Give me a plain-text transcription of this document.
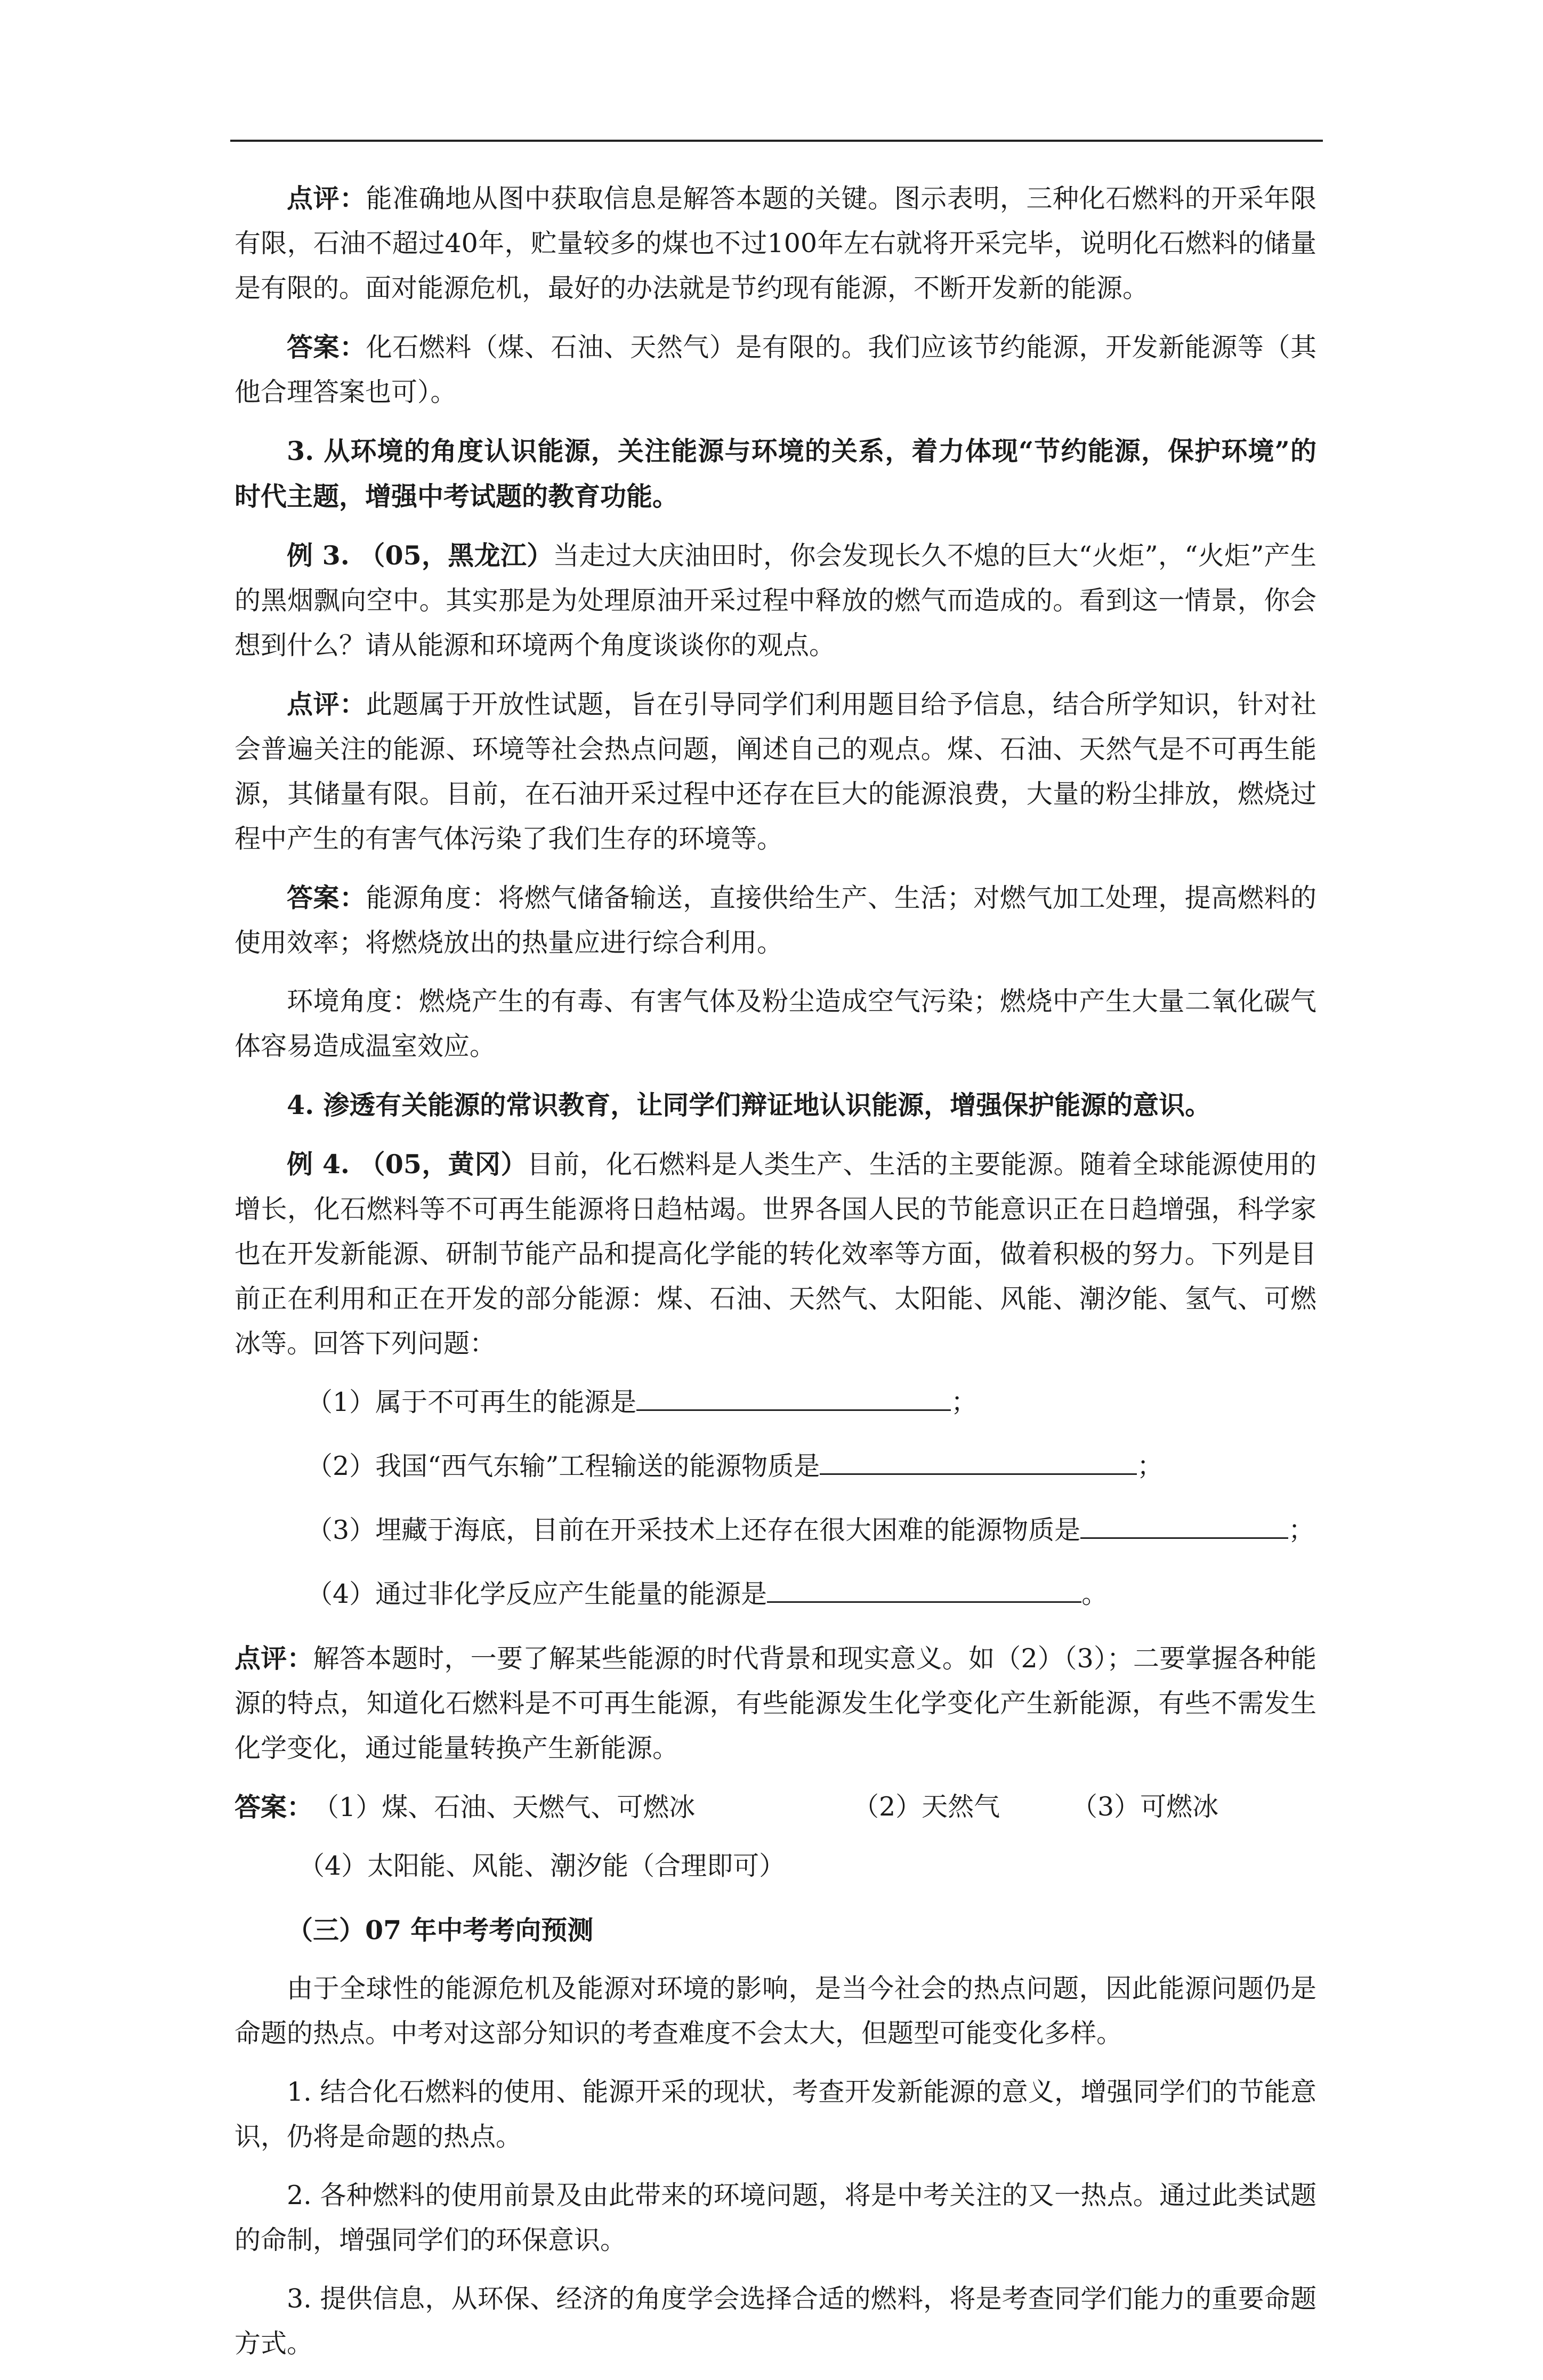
点评：能准确地从图中获取信息是解答本题的关键。图示表明，三种化石燃料的开采年限有限，石油不超过40年，贮量较多的煤也不过100年左右就将开采完毕，说明化石燃料的储量是有限的。面对能源危机，最好的办法就是节约现有能源，不断开发新的能源。

答案：化石燃料（煤、石油、天然气）是有限的。我们应该节约能源，开发新能源等（其他合理答案也可）。

3. 从环境的角度认识能源，关注能源与环境的关系，着力体现“节约能源，保护环境”的时代主题，增强中考试题的教育功能。

例 3. （05，黑龙江）当走过大庆油田时，你会发现长久不熄的巨大“火炬”，“火炬”产生的黑烟飘向空中。其实那是为处理原油开采过程中释放的燃气而造成的。看到这一情景，你会想到什么？请从能源和环境两个角度谈谈你的观点。

点评：此题属于开放性试题，旨在引导同学们利用题目给予信息，结合所学知识，针对社会普遍关注的能源、环境等社会热点问题，阐述自己的观点。煤、石油、天然气是不可再生能源，其储量有限。目前，在石油开采过程中还存在巨大的能源浪费，大量的粉尘排放，燃烧过程中产生的有害气体污染了我们生存的环境等。

答案：能源角度：将燃气储备输送，直接供给生产、生活；对燃气加工处理，提高燃料的使用效率；将燃烧放出的热量应进行综合利用。

环境角度：燃烧产生的有毒、有害气体及粉尘造成空气污染；燃烧中产生大量二氧化碳气体容易造成温室效应。

4. 渗透有关能源的常识教育，让同学们辩证地认识能源，增强保护能源的意识。

例 4. （05，黄冈）目前，化石燃料是人类生产、生活的主要能源。随着全球能源使用的增长，化石燃料等不可再生能源将日趋枯竭。世界各国人民的节能意识正在日趋增强，科学家也在开发新能源、研制节能产品和提高化学能的转化效率等方面，做着积极的努力。下列是目前正在利用和正在开发的部分能源：煤、石油、天然气、太阳能、风能、潮汐能、氢气、可燃冰等。回答下列问题：

（1）属于不可再生的能源是	；

（2）我国“西气东输”工程输送的能源物质是	；

（3）埋藏于海底，目前在开采技术上还存在很大困难的能源物质是	；

（4）通过非化学反应产生能量的能源是	。

点评：解答本题时，一要了解某些能源的时代背景和现实意义。如（2）（3）；二要掌握各种能源的特点，知道化石燃料是不可再生能源，有些能源发生化学变化产生新能源，有些不需发生化学变化，通过能量转换产生新能源。

答案：（1）煤、石油、天燃气、可燃冰	（2）天然气	（3）可燃冰

（4）太阳能、风能、潮汐能（合理即可）

（三）07 年中考考向预测

由于全球性的能源危机及能源对环境的影响，是当今社会的热点问题，因此能源问题仍是命题的热点。中考对这部分知识的考查难度不会太大，但题型可能变化多样。

1. 结合化石燃料的使用、能源开采的现状，考查开发新能源的意义，增强同学们的节能意识，仍将是命题的热点。

2. 各种燃料的使用前景及由此带来的环境问题，将是中考关注的又一热点。通过此类试题的命制，增强同学们的环保意识。

3. 提供信息，从环保、经济的角度学会选择合适的燃料，将是考查同学们能力的重要命题方式。
